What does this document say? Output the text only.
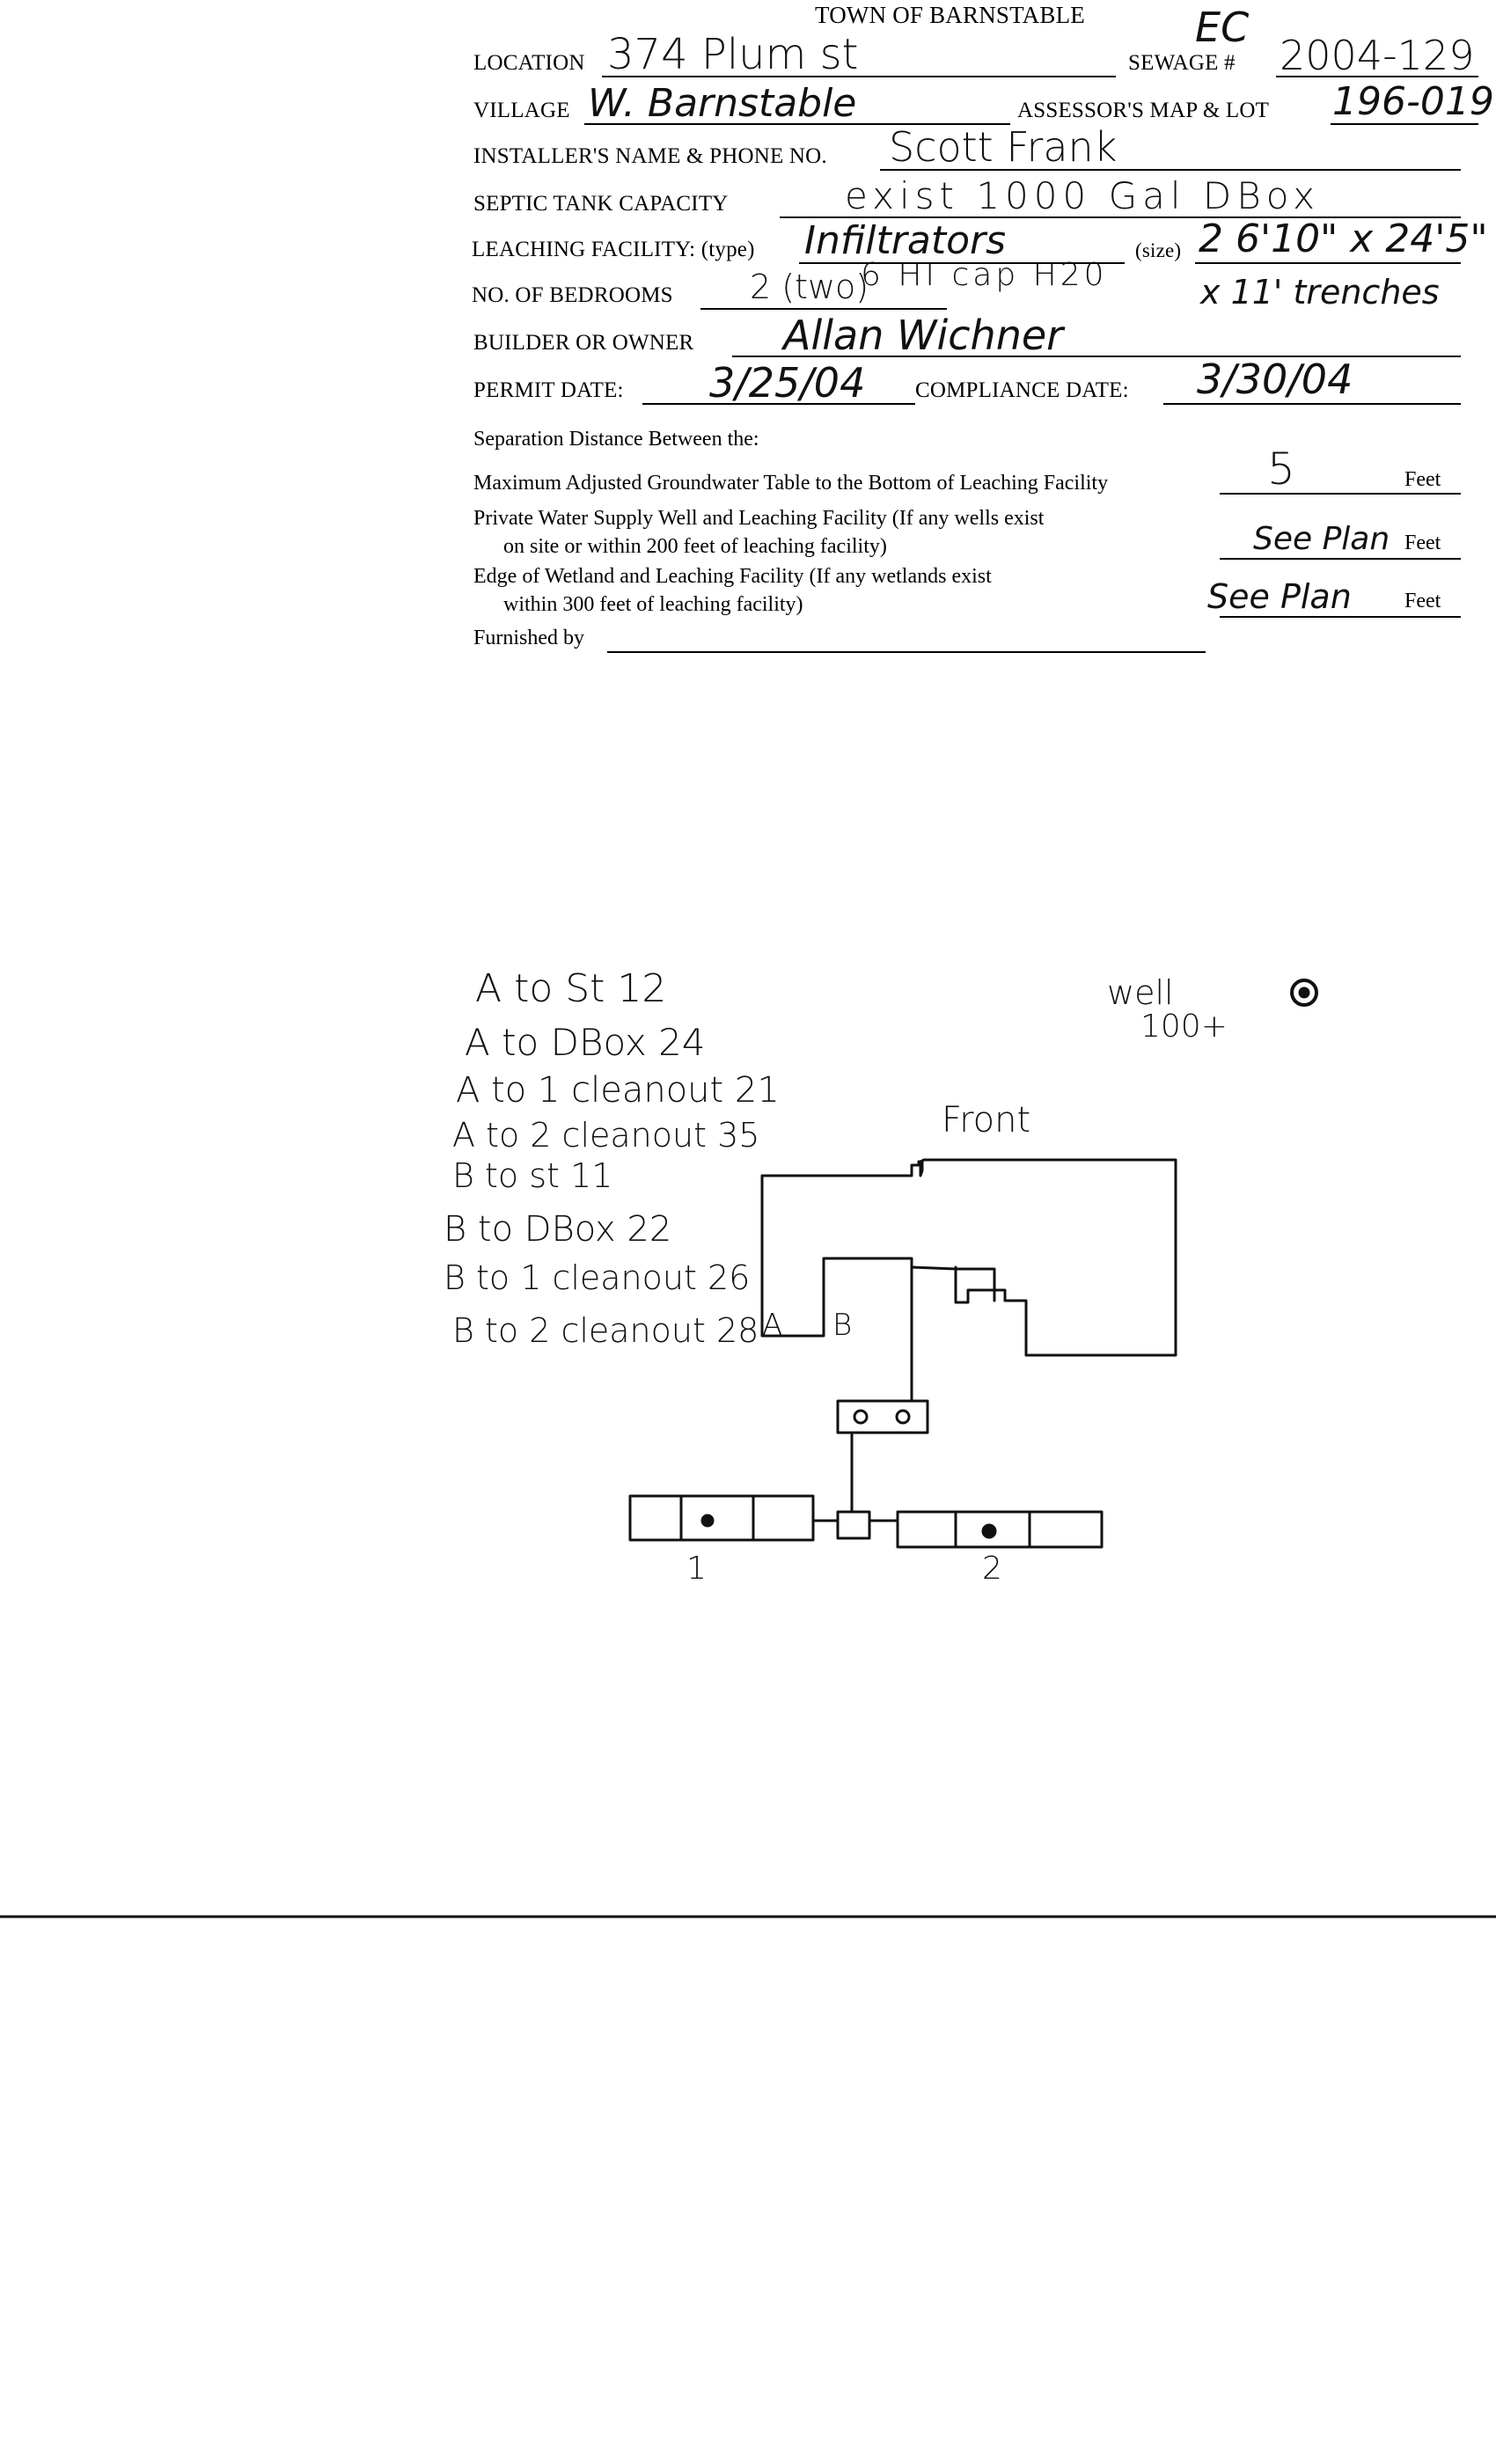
TOWN OF BARNSTABLE	EC
LOCATION 374 Plum st	SEWAGE # 2004-129
VILLAGE W. Barnstable	ASSESSOR'S MAP & LOT 196-019
INSTALLER'S NAME & PHONE NO. Scott Frank
SEPTIC TANK CAPACITY	exist 1000 Gal DBox
LEACHING FACILITY: (type) Infiltrators	(size) 2 6'10" x 24'5"
NO. OF BEDROOMS 2 (two)
6 HI cap H20	x 11' trenches
BUILDER OR OWNER Allan Wichner
PERMIT DATE: 3/25/04 COMPLIANCE DATE: 3/30/04
Separation Distance Between the:
Maximum Adjusted Groundwater Table to the Bottom of Leaching Facility	5	Feet
Private Water Supply Well and Leaching Facility (If any wells exist
on site or within 200 feet of leaching facility)	See Plan Feet
Edge of Wetland and Leaching Facility (If any wetlands exist
within 300 feet of leaching facility)	See Plan	Feet
Furnished by
A to St 12
A to DBox 24
A to 1 cleanout 21
A to 2 cleanout 35
B to st 11
B to DBox 22
B to 1 cleanout 26
B to 2 cleanout 28
well
100+
Front
A B
1	2
